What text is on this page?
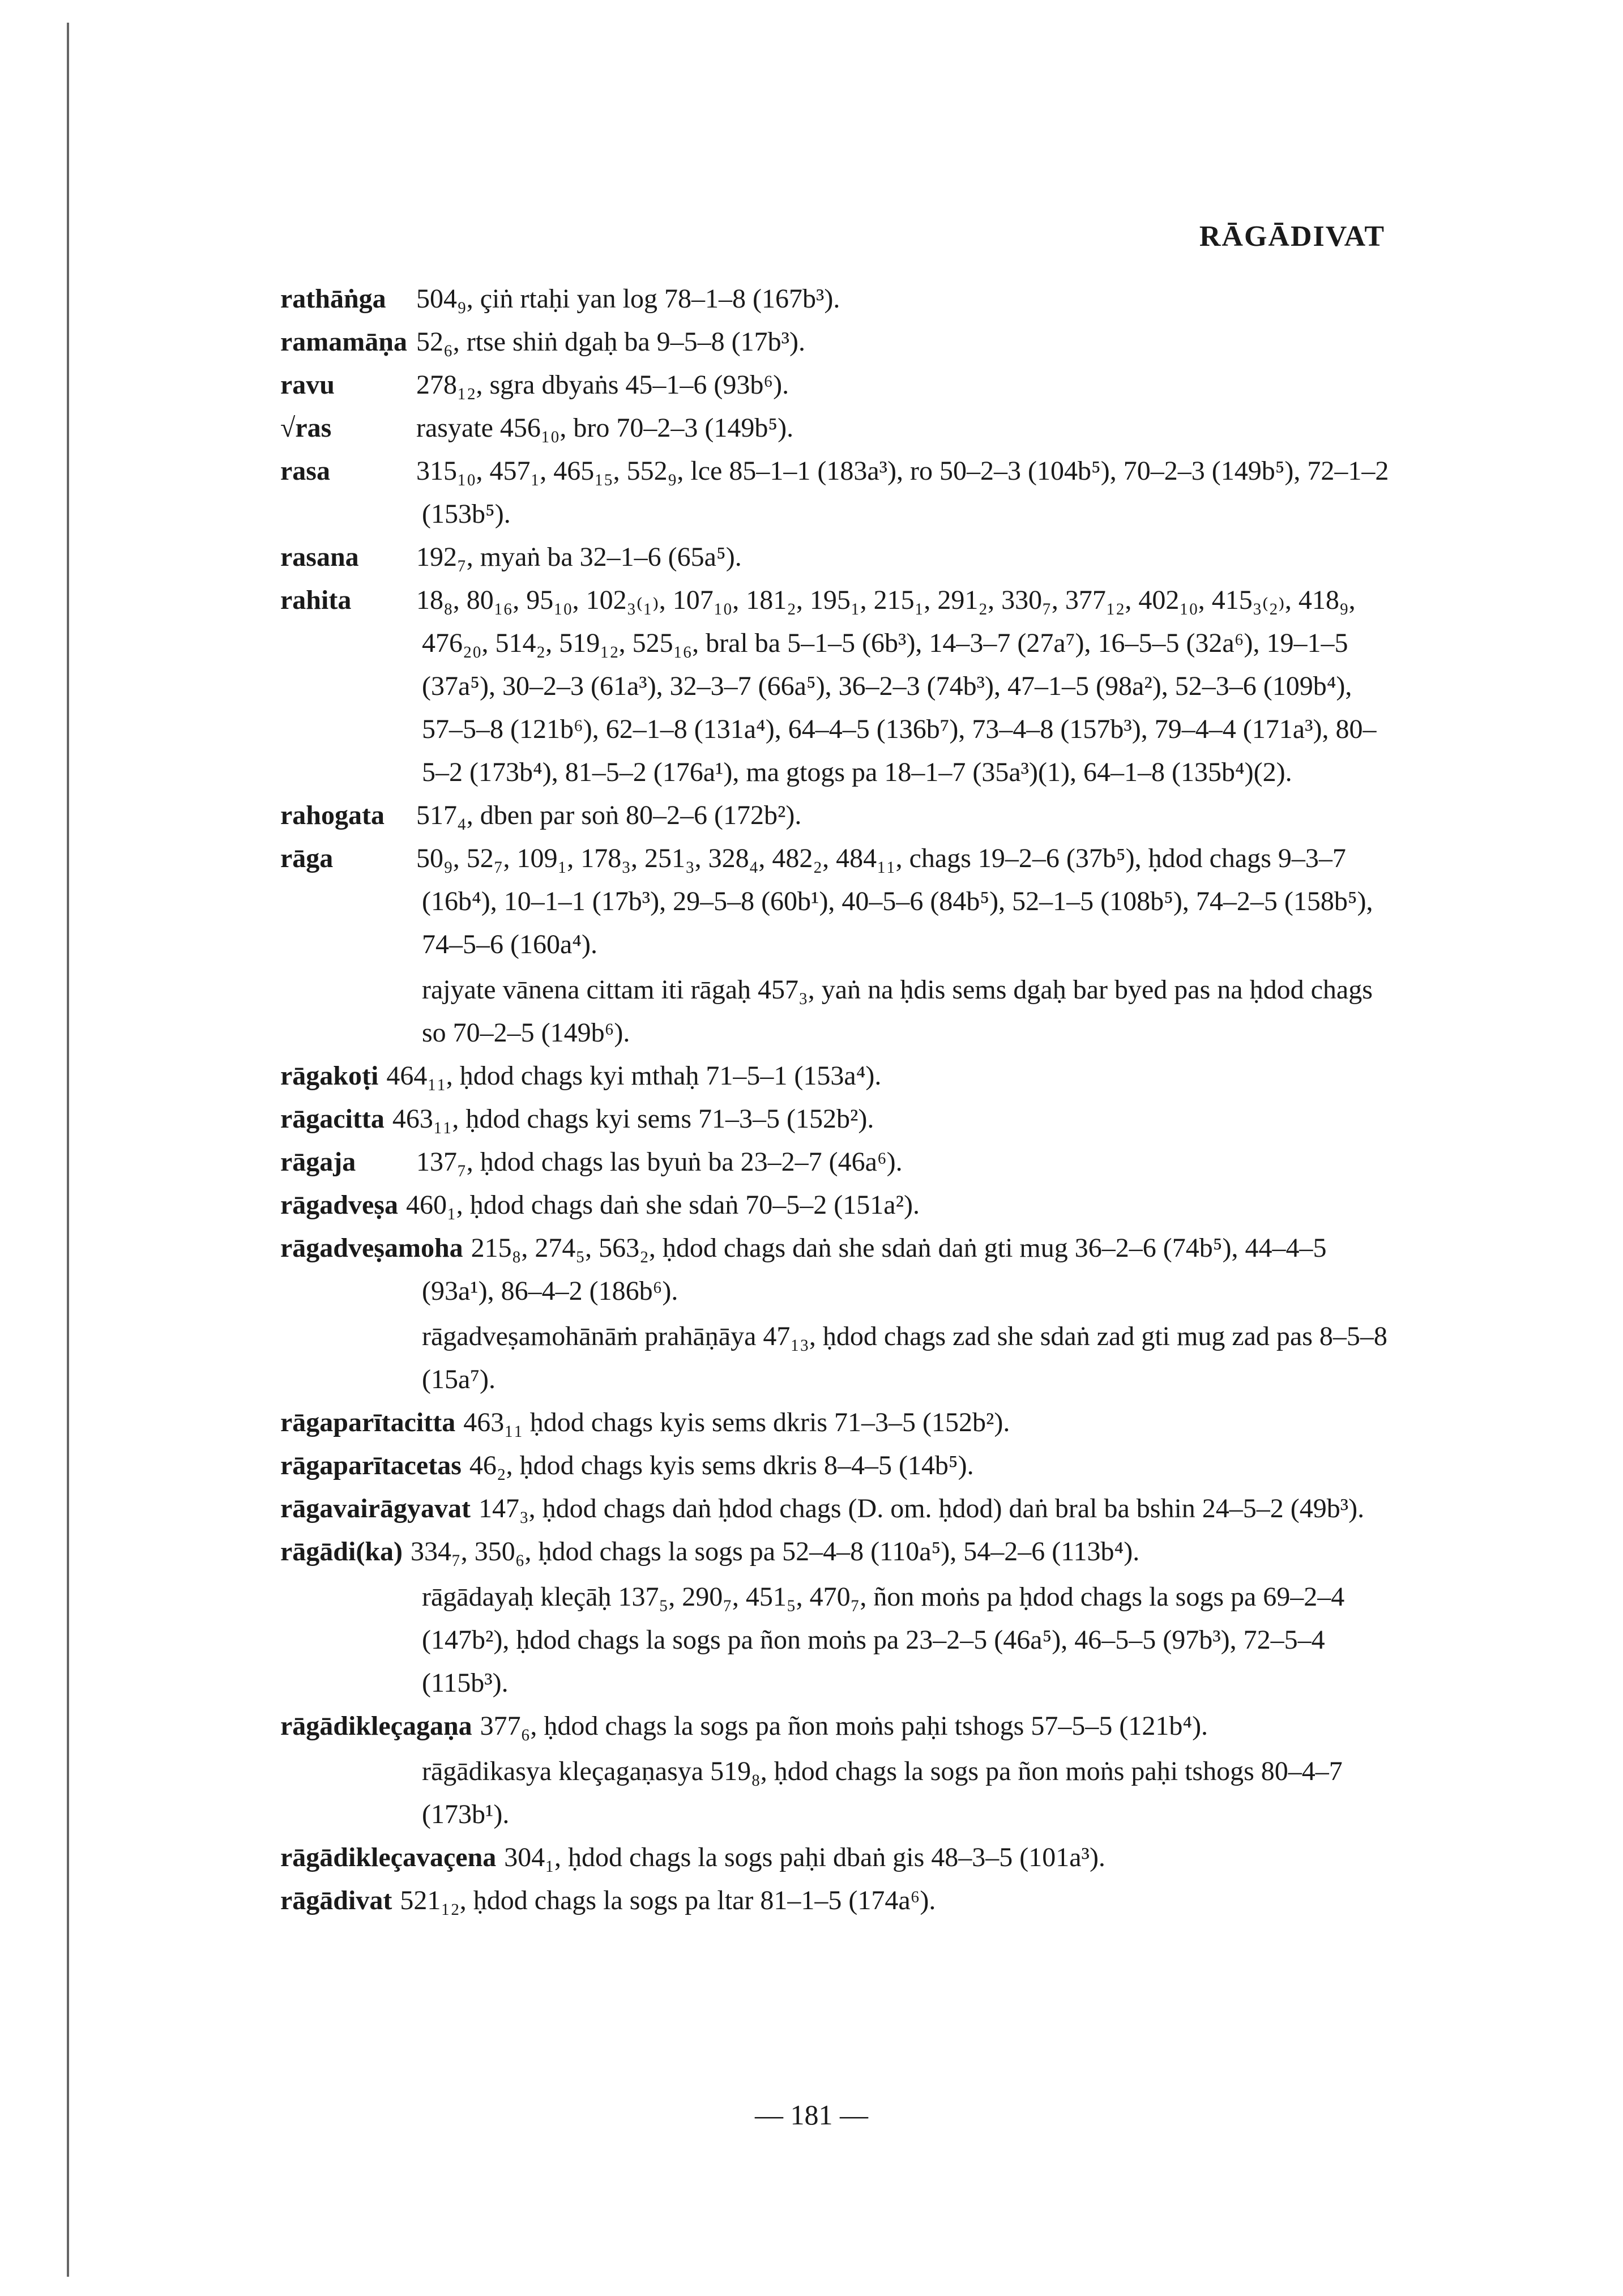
RĀGĀDIVAT
rathāṅga 504₉, çiṅ rtaḥi yan log 78–1–8 (167b³).
ramamāṇa 52₆, rtse shiṅ dgaḥ ba 9–5–8 (17b³).
ravu	278₁₂, sgra dbyaṅs 45–1–6 (93b⁶).
√ras	rasyate 456₁₀, bro 70–2–3 (149b⁵).
rasa	315₁₀, 457₁, 465₁₅, 552₉, lce 85–1–1 (183a³), ro 50–2–3 (104b⁵), 70–2–3 (149b⁵), 72–1–2 (153b⁵).
rasana 192₇, myaṅ ba 32–1–6 (65a⁵).
rahita 18₈, 80₁₆, 95₁₀, 102₃₍₁₎, 107₁₀, 181₂, 195₁, 215₁, 291₂, 330₇, 377₁₂, 402₁₀, 415₃₍₂₎, 418₉, 476₂₀, 514₂, 519₁₂, 525₁₆, bral ba 5–1–5 (6b³), 14–3–7 (27a⁷), 16–5–5 (32a⁶), 19–1–5 (37a⁵), 30–2–3 (61a³), 32–3–7 (66a⁵), 36–2–3 (74b³), 47–1–5 (98a²), 52–3–6 (109b⁴), 57–5–8 (121b⁶), 62–1–8 (131a⁴), 64–4–5 (136b⁷), 73–4–8 (157b³), 79–4–4 (171a³), 80–5–2 (173b⁴), 81–5–2 (176a¹), ma gtogs pa 18–1–7 (35a³)(1), 64–1–8 (135b⁴)(2).
rahogata 517₄, dben par soṅ 80–2–6 (172b²).
rāga	50₉, 52₇, 109₁, 178₃, 251₃, 328₄, 482₂, 484₁₁, chags 19–2–6 (37b⁵), ḥdod chags 9–3–7 (16b⁴), 10–1–1 (17b³), 29–5–8 (60b¹), 40–5–6 (84b⁵), 52–1–5 (108b⁵), 74–2–5 (158b⁵), 74–5–6 (160a⁴).
rajyate vānena cittam iti rāgaḥ 457₃, yaṅ na ḥdis sems dgaḥ bar byed pas na ḥdod chags so 70–2–5 (149b⁶).
rāgakoṭi 464₁₁, ḥdod chags kyi mthaḥ 71–5–1 (153a⁴).
rāgacitta 463₁₁, ḥdod chags kyi sems 71–3–5 (152b²).
rāgaja 137₇, ḥdod chags las byuṅ ba 23–2–7 (46a⁶).
rāgadveṣa 460₁, ḥdod chags daṅ she sdaṅ 70–5–2 (151a²).
rāgadveṣamoha 215₈, 274₅, 563₂, ḥdod chags daṅ she sdaṅ daṅ gti mug 36–2–6 (74b⁵), 44–4–5 (93a¹), 86–4–2 (186b⁶).
rāgadveṣamohānāṁ prahāṇāya 47₁₃, ḥdod chags zad she sdaṅ zad gti mug zad pas 8–5–8 (15a⁷).
rāgaparītacitta 463₁₁ ḥdod chags kyis sems dkris 71–3–5 (152b²).
rāgaparītacetas 46₂, ḥdod chags kyis sems dkris 8–4–5 (14b⁵).
rāgavairāgyavat 147₃, ḥdod chags daṅ ḥdod chags (D. om. ḥdod) daṅ bral ba bshin 24–5–2 (49b³).
rāgādi(ka) 334₇, 350₆, ḥdod chags la sogs pa 52–4–8 (110a⁵), 54–2–6 (113b⁴).
rāgādayaḥ kleçāḥ 137₅, 290₇, 451₅, 470₇, ñon moṅs pa ḥdod chags la sogs pa 69–2–4 (147b²), ḥdod chags la sogs pa ñon moṅs pa 23–2–5 (46a⁵), 46–5–5 (97b³), 72–5–4 (115b³).
rāgādikleçagaṇa 377₆, ḥdod chags la sogs pa ñon moṅs paḥi tshogs 57–5–5 (121b⁴).
rāgādikasya kleçagaṇasya 519₈, ḥdod chags la sogs pa ñon moṅs paḥi tshogs 80–4–7 (173b¹).
rāgādikleçavaçena 304₁, ḥdod chags la sogs paḥi dbaṅ gis 48–3–5 (101a³).
rāgādivat 521₁₂, ḥdod chags la sogs pa ltar 81–1–5 (174a⁶).
— 181 —
